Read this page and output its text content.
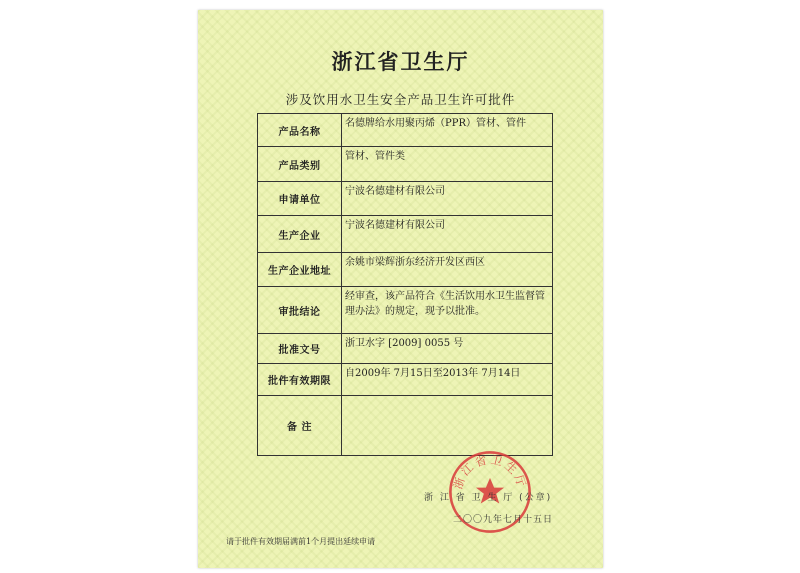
浙江省卫生厅
涉及饮用水卫生安全产品卫生许可批件
产品名称	名德牌给水用聚丙烯（PPR）管材、管件
产品类别	管材、管件类
申请单位	宁波名德建材有限公司
生产企业	宁波名德建材有限公司
生产企业地址	余姚市梁辉浙东经济开发区西区
审批结论	经审查，该产品符合《生活饮用水卫生监督管理办法》的规定，现予以批准。
批准文号	浙卫水字 [2009] 0055 号
批件有效期限	自2009年 7月15日至2013年 7月14日
备 注	
浙江省卫生厅
浙 江 省 卫 生 厅 (公章)
二〇〇九年七月十五日
请于批件有效期届满前1个月提出延续申请
